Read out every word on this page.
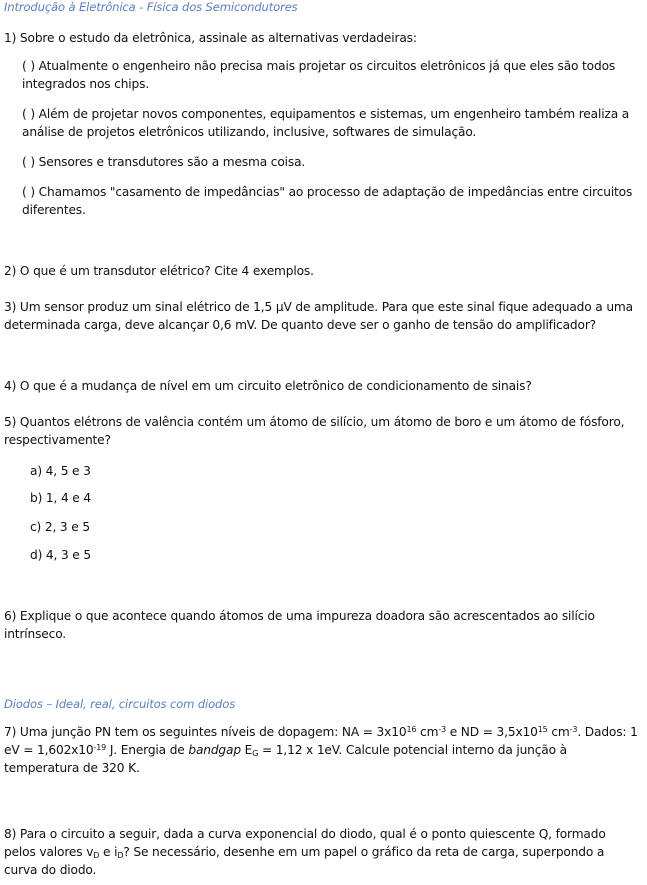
Introdução à Eletrônica - Física dos Semicondutores
1) Sobre o estudo da eletrônica, assinale as alternativas verdadeiras:
( ) Atualmente o engenheiro não precisa mais projetar os circuitos eletrônicos já que eles são todos integrados nos chips.
( ) Além de projetar novos componentes, equipamentos e sistemas, um engenheiro também realiza a análise de projetos eletrônicos utilizando, inclusive, softwares de simulação.
( ) Sensores e transdutores são a mesma coisa.
( ) Chamamos "casamento de impedâncias" ao processo de adaptação de impedâncias entre circuitos diferentes.
2) O que é um transdutor elétrico? Cite 4 exemplos.
3) Um sensor produz um sinal elétrico de 1,5 µV de amplitude. Para que este sinal fique adequado a uma determinada carga, deve alcançar 0,6 mV. De quanto deve ser o ganho de tensão do amplificador?
4) O que é a mudança de nível em um circuito eletrônico de condicionamento de sinais?
5) Quantos elétrons de valência contém um átomo de silício, um átomo de boro e um átomo de fósforo, respectivamente?
a) 4, 5 e 3
b) 1, 4 e 4
c) 2, 3 e 5
d) 4, 3 e 5
6) Explique o que acontece quando átomos de uma impureza doadora são acrescentados ao silício intrínseco.
Diodos – Ideal, real, circuitos com diodos
7) Uma junção PN tem os seguintes níveis de dopagem: NA = $3x10^{16}$ $cm^{-3}$ e ND = $3,5x10^{15}$ $cm^{-3}$. Dados: 1 eV = $1,602x10^{-19}$ J. Energia de bandgap $E_G = 1,12$ x 1eV. Calcule potencial interno da junção à temperatura de 320 K.
8) Para o circuito a seguir, dada a curva exponencial do diodo, qual é o ponto quiescente Q, formado pelos valores $v_D$ e $i_D$? Se necessário, desenhe em um papel o gráfico da reta de carga, superpondo a curva do diodo.
